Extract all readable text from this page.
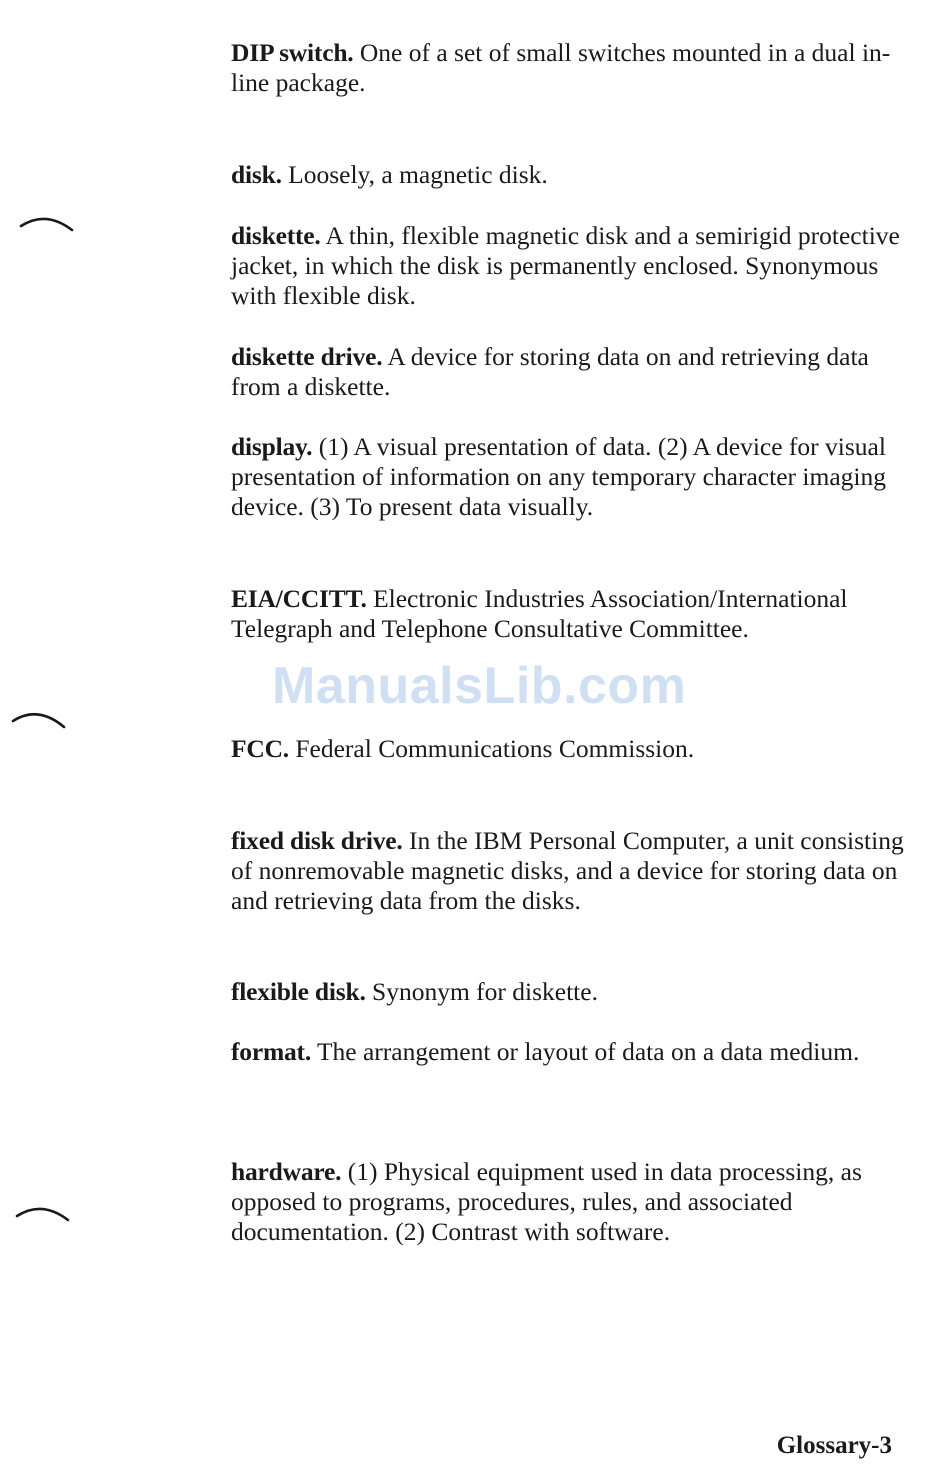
DIP switch. One of a set of small switches mounted in a dual in-line package.

disk. Loosely, a magnetic disk.

diskette. A thin, flexible magnetic disk and a semirigid protective jacket, in which the disk is permanently enclosed. Synonymous with flexible disk.

diskette drive. A device for storing data on and retrieving data from a diskette.

display. (1) A visual presentation of data. (2) A device for visual presentation of information on any temporary character imaging device. (3) To present data visually.

EIA/CCITT. Electronic Industries Association/International Telegraph and Telephone Consultative Committee.

FCC. Federal Communications Commission.

fixed disk drive. In the IBM Personal Computer, a unit consisting of nonremovable magnetic disks, and a device for storing data on and retrieving data from the disks.

flexible disk. Synonym for diskette.

format. The arrangement or layout of data on a data medium.

hardware. (1) Physical equipment used in data processing, as opposed to programs, procedures, rules, and associated documentation. (2) Contrast with software.

ManualsLib.com
Glossary-3
